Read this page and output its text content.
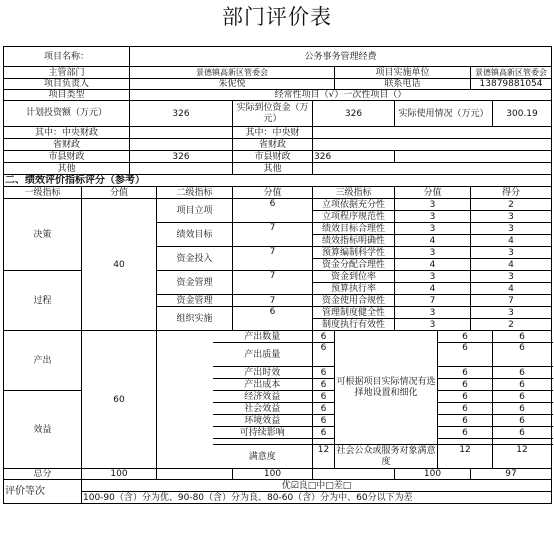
部门评价表
项目名称：		公务事务管理经费									
主管部门		景德镇高新区管委会					项目实施单位			景德镇高新区管委会	
项目负责人		朱伲悦					联系电话			13879881054	
项目类型		经常性项目（√）一次性项目（）									
计划投资额（万元）		326			实际到位资金（万元）	326		实际使用情况（万元）			300.19
其中：中央财政					其中：中央财						
省财政					省财政						
市县财政		326			市县财政	326					
其他					其他						
二、绩效评价指标评分（参考）											
一级指标	分值		二级指标		分值	三级指标		分值		得分	
决策	40		项目立项		6	立项依据充分性		3		2	
						立项程序规范性		3		3	
			绩效目标		7	绩效目标合理性		3		3	
						绩效指标明确性		4		4	
			资金投入		7	预算编制科学性		3		3	
						资金分配合理性		4		4	
过程			资金管理		7	资金到位率		3		3	
						预算执行率		4		4	
			资金管理		7	资金使用合规性		7		7	
			组织实施		6	管理制度健全性		3		3	
						制度执行有效性		3		2	
产出	60			产出数量		6	可根据项目实际情况有选择地设置和细化		6		6
				产出质量		6			6		6
				产出时效		6			6		6
				产出成本		6			6		6
效益				经济效益		6			6		6
				社会效益		6			6		6
				环境效益		6			6		6
				可持续影响		6			6		6

				满意度		12	社会公众或服务对象满意度		12		12
总分	100				100			100		97	
评价等次	优☑良□中□差□										
	100-90（含）分为优、90-80（含）分为良、80-60（含）分为中、60分以下为差										
